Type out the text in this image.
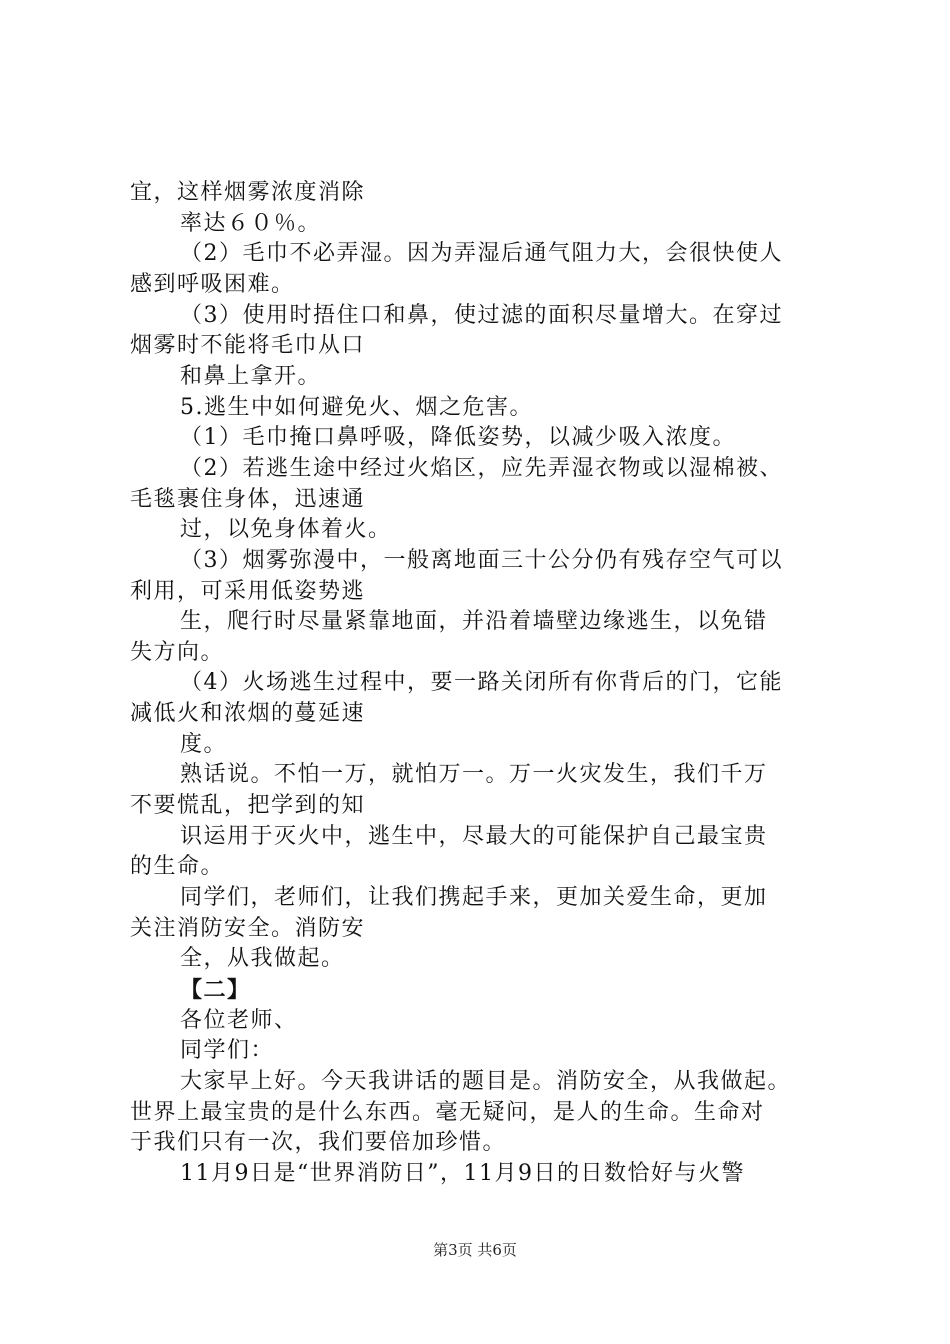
宜，这样烟雾浓度消除
率达６０％。
（2）毛巾不必弄湿。因为弄湿后通气阻力大，会很快使人
感到呼吸困难。
（3）使用时捂住口和鼻，使过滤的面积尽量增大。在穿过
烟雾时不能将毛巾从口
和鼻上拿开。
5.逃生中如何避免火、烟之危害。
（1）毛巾掩口鼻呼吸，降低姿势，以减少吸入浓度。
（2）若逃生途中经过火焰区，应先弄湿衣物或以湿棉被、
毛毯裹住身体，迅速通
过，以免身体着火。
（3）烟雾弥漫中，一般离地面三十公分仍有残存空气可以
利用，可采用低姿势逃
生，爬行时尽量紧靠地面，并沿着墙壁边缘逃生，以免错
失方向。
（4）火场逃生过程中，要一路关闭所有你背后的门，它能
减低火和浓烟的蔓延速
度。
熟话说。不怕一万，就怕万一。万一火灾发生，我们千万
不要慌乱，把学到的知
识运用于灭火中，逃生中，尽最大的可能保护自己最宝贵
的生命。
同学们，老师们，让我们携起手来，更加关爱生命，更加
关注消防安全。消防安
全，从我做起。
【二】
各位老师、
同学们：
大家早上好。今天我讲话的题目是。消防安全，从我做起。
世界上最宝贵的是什么东西。毫无疑问，是人的生命。生命对
于我们只有一次，我们要倍加珍惜。
11月9日是“世界消防日”，11月9日的日数恰好与火警
第3页 共6页
